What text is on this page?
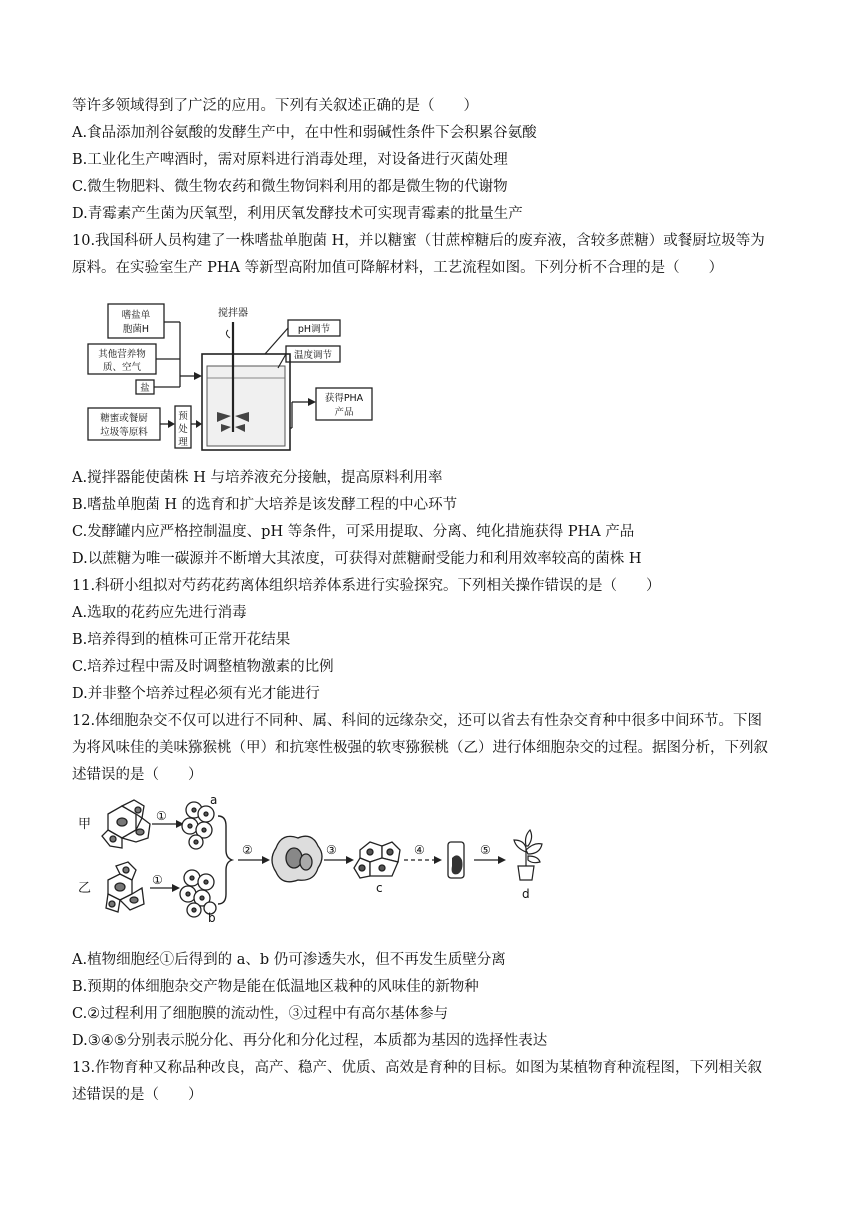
等许多领域得到了广泛的应用。下列有关叙述正确的是（　　）
A.食品添加剂谷氨酸的发酵生产中，在中性和弱碱性条件下会积累谷氨酸
B.工业化生产啤酒时，需对原料进行消毒处理，对设备进行灭菌处理
C.微生物肥料、微生物农药和微生物饲料利用的都是微生物的代谢物
D.青霉素产生菌为厌氧型，利用厌氧发酵技术可实现青霉素的批量生产
10.我国科研人员构建了一株嗜盐单胞菌 H，并以糖蜜（甘蔗榨糖后的废弃液，含较多蔗糖）或餐厨垃圾等为
原料。在实验室生产 PHA 等新型高附加值可降解材料，工艺流程如图。下列分析不合理的是（　　）
嗜盐单
胞菌H
其他营养物
质、空气
盐
糖蜜或餐厨
垃圾等原料
预
处
理
搅拌器
pH调节
温度调节
获得PHA
产品
A.搅拌器能使菌株 H 与培养液充分接触，提高原料利用率
B.嗜盐单胞菌 H 的选育和扩大培养是该发酵工程的中心环节
C.发酵罐内应严格控制温度、pH 等条件，可采用提取、分离、纯化措施获得 PHA 产品
D.以蔗糖为唯一碳源并不断增大其浓度，可获得对蔗糖耐受能力和利用效率较高的菌株 H
11.科研小组拟对芍药花药离体组织培养体系进行实验探究。下列相关操作错误的是（　　）
A.选取的花药应先进行消毒
B.培养得到的植株可正常开花结果
C.培养过程中需及时调整植物激素的比例
D.并非整个培养过程必须有光才能进行
12.体细胞杂交不仅可以进行不同种、属、科间的远缘杂交，还可以省去有性杂交育种中很多中间环节。下图
为将风味佳的美味猕猴桃（甲）和抗寒性极强的软枣猕猴桃（乙）进行体细胞杂交的过程。据图分析，下列叙
述错误的是（　　）
甲
乙
①
a
①
b
②	③
c
④	⑤
d
A.植物细胞经①后得到的 a、b 仍可渗透失水，但不再发生质壁分离
B.预期的体细胞杂交产物是能在低温地区栽种的风味佳的新物种
C.②过程利用了细胞膜的流动性，③过程中有高尔基体参与
D.③④⑤分别表示脱分化、再分化和分化过程，本质都为基因的选择性表达
13.作物育种又称品种改良，高产、稳产、优质、高效是育种的目标。如图为某植物育种流程图，下列相关叙
述错误的是（　　）
